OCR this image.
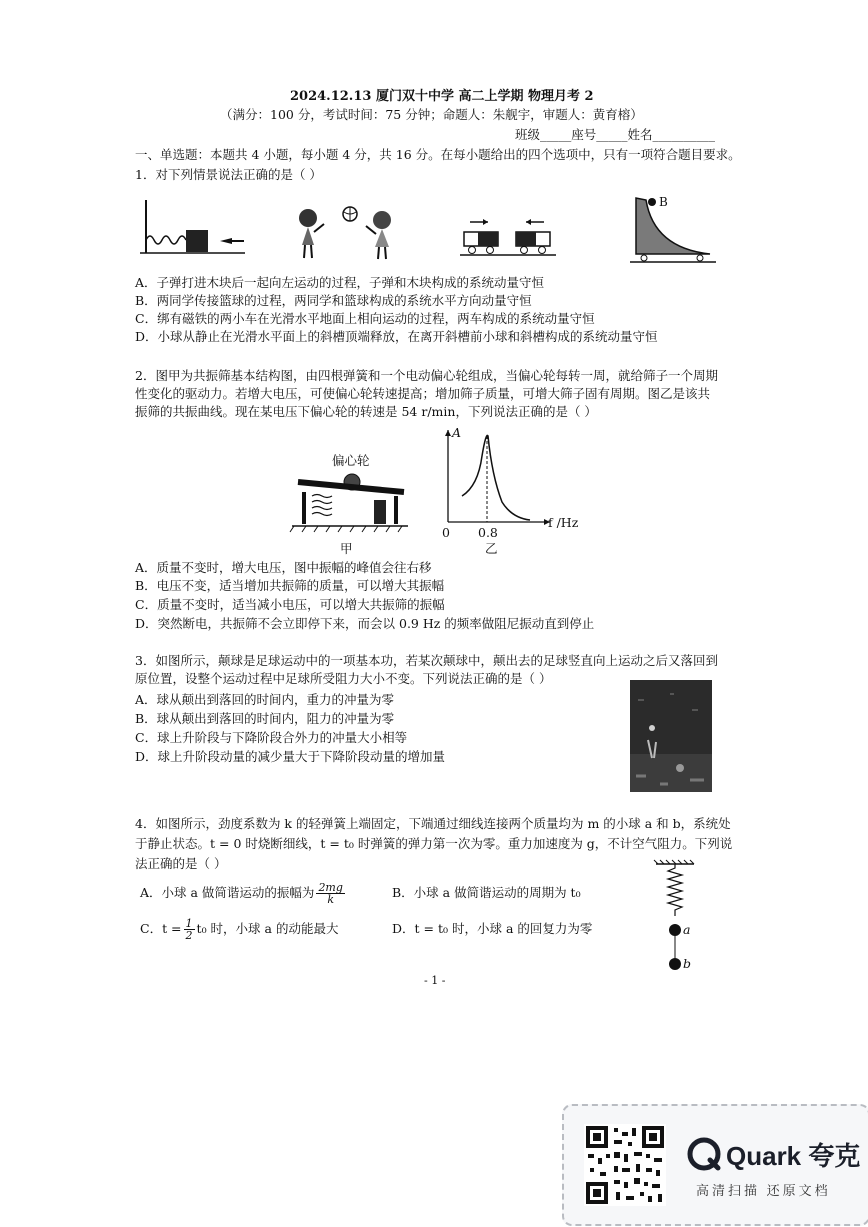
2024.12.13 厦门双十中学 高二上学期 物理月考 2
（满分：100 分，考试时间：75 分钟；命题人：朱舰宇，审题人：黄育榕）
班级_____座号_____姓名__________
一、单选题：本题共 4 小题，每小题 4 分，共 16 分。在每小题给出的四个选项中，只有一项符合题目要求。
1．对下列情景说法正确的是（ ）
B
A．子弹打进木块后一起向左运动的过程，子弹和木块构成的系统动量守恒
B．两同学传接篮球的过程，两同学和篮球构成的系统水平方向动量守恒
C．绑有磁铁的两小车在光滑水平地面上相向运动的过程，两车构成的系统动量守恒
D．小球从静止在光滑水平面上的斜槽顶端释放，在离开斜槽前小球和斜槽构成的系统动量守恒
2．图甲为共振筛基本结构图，由四根弹簧和一个电动偏心轮组成，当偏心轮每转一周，就给筛子一个周期
性变化的驱动力。若增大电压，可使偏心轮转速提高；增加筛子质量，可增大筛子固有周期。图乙是该共
振筛的共振曲线。现在某电压下偏心轮的转速是 54 r/min，下列说法正确的是（ ）
偏心轮
甲
A
f /Hz
0 0.8
乙
A．质量不变时，增大电压，图中振幅的峰值会往右移
B．电压不变，适当增加共振筛的质量，可以增大其振幅
C．质量不变时，适当减小电压，可以增大共振筛的振幅
D．突然断电，共振筛不会立即停下来，而会以 0.9 Hz 的频率做阻尼振动直到停止
3．如图所示，颠球是足球运动中的一项基本功，若某次颠球中，颠出去的足球竖直向上运动之后又落回到
原位置，设整个运动过程中足球所受阻力大小不变。下列说法正确的是（ ）
A．球从颠出到落回的时间内，重力的冲量为零
B．球从颠出到落回的时间内，阻力的冲量为零
C．球上升阶段与下降阶段合外力的冲量大小相等
D．球上升阶段动量的减少量大于下降阶段动量的增加量
4．如图所示，劲度系数为 k 的轻弹簧上端固定，下端通过细线连接两个质量均为 m 的小球 a 和 b，系统处
于静止状态。t = 0 时烧断细线，t = t₀ 时弹簧的弹力第一次为零。重力加速度为 g，不计空气阻力。下列说
法正确的是（ ）
A．小球 a 做简谐运动的振幅为 $\frac{2mg}{k}$	B．小球 a 做简谐运动的周期为 t₀
C．$t = \frac{1}{2} t_0$ 时，小球 a 的动能最大	D．t = t₀ 时，小球 a 的回复力为零	a
b
- 1 -
Quark 夸克
高清扫描 还原文档
